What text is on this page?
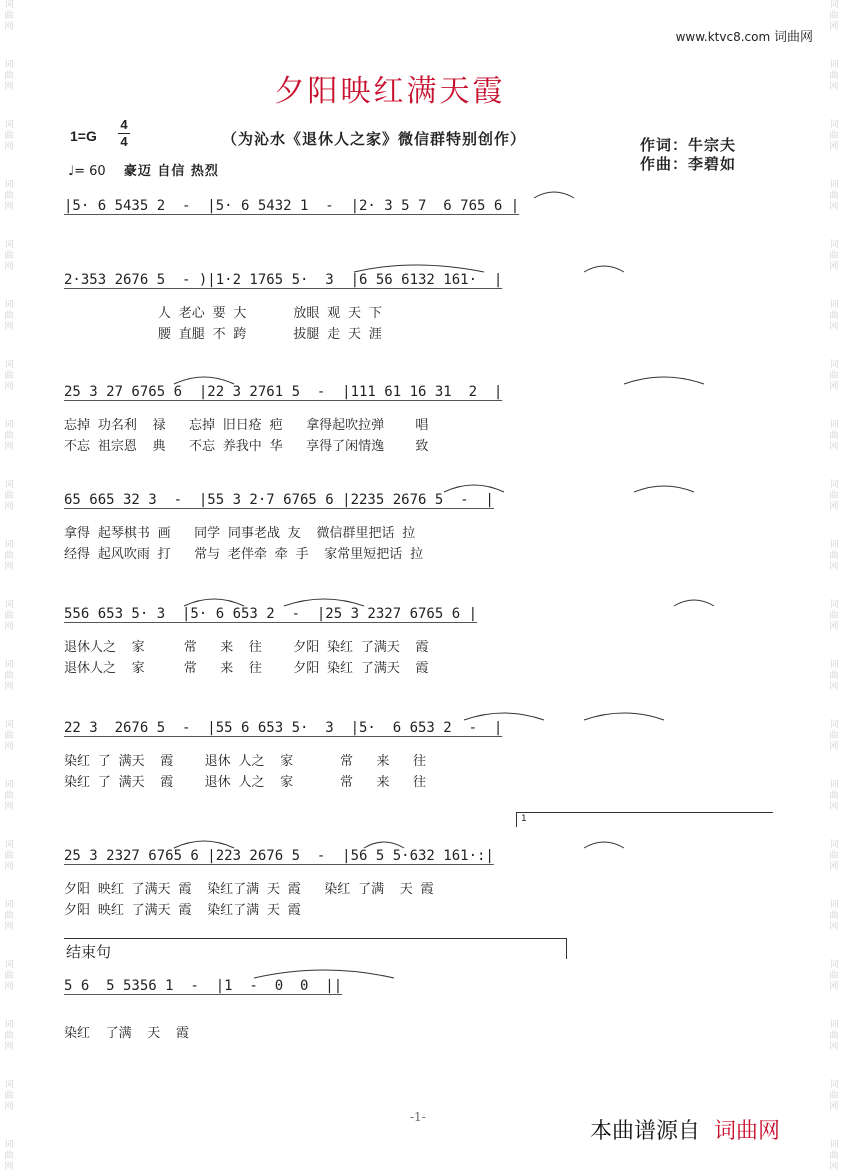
词
曲
网
词
曲
网
词
曲
网
词
曲
网
词
曲
网
词
曲
网
词
曲
网
词
曲
网
词
曲
网
词
曲
网
词
曲
网
词
曲
网
词
曲
网
词
曲
网
词
曲
网
词
曲
网
词
曲
网
词
曲
网
词
曲
网
词
曲
网
词
曲
网
词
曲
网
词
曲
网
词
曲
网
词
曲
网
词
曲
网
词
曲
网
词
曲
网
词
曲
网
词
曲
网
词
曲
网
词
曲
网
词
曲
网
词
曲
网
词
曲
网
词
曲
网
词
曲
网
词
曲
网
词
曲
网
词
曲
网
www.ktvc8.com 词曲网
夕阳映红满天霞
1=G
4
4	（为沁水《退休人之家》微信群特别创作）	作词：牛宗夫
作曲：李碧如
♩= 60 豪迈 自信 热烈
|5· 6 5435 2  -  |5· 6 5432 1  -  |2· 3 5 7  6 765 6 |
2·353 2676 5  - )|1·2 1765 5·  3  |6 56 6132 161·  |
人 老心 要 大      放眼 观 天 下
腰 直腿 不 跨      拔腿 走 天 涯
25 3 27 6765 6  |22 3 2761 5  -  |111 61 16 31  2  |
忘掉 功名利  禄   忘掉 旧日疮 疤   拿得起吹拉弹    唱
不忘 祖宗恩  典   不忘 养我中 华   享得了闲情逸    致
65 665 32 3  -  |55 3 2·7 6765 6 |2235 2676 5  -  |
拿得 起琴棋书 画   同学 同事老战 友  微信群里把话 拉
经得 起风吹雨 打   常与 老伴牵 牵 手  家常里短把话 拉
556 653 5· 3  |5· 6 653 2  -  |25 3 2327 6765 6 |
退休人之  家     常   来  往    夕阳 染红 了满天  霞
退休人之  家     常   来  往    夕阳 染红 了满天  霞
22 3  2676 5  -  |55 6 653 5·  3  |5·  6 653 2  -  |
染红 了 满天  霞    退休 人之  家      常   来   往
染红 了 满天  霞    退休 人之  家      常   来   往
1
25 3 2327 6765 6 |223 2676 5  -  |56 5 5·632 161·:|
夕阳 映红 了满天 霞  染红了满 天 霞   染红 了满  天 霞
夕阳 映红 了满天 霞  染红了满 天 霞
结束句
5 6  5 5356 1  -  |1  -  0  0  ||
染红  了满  天  霞
-1-
本曲谱源自 词曲网
